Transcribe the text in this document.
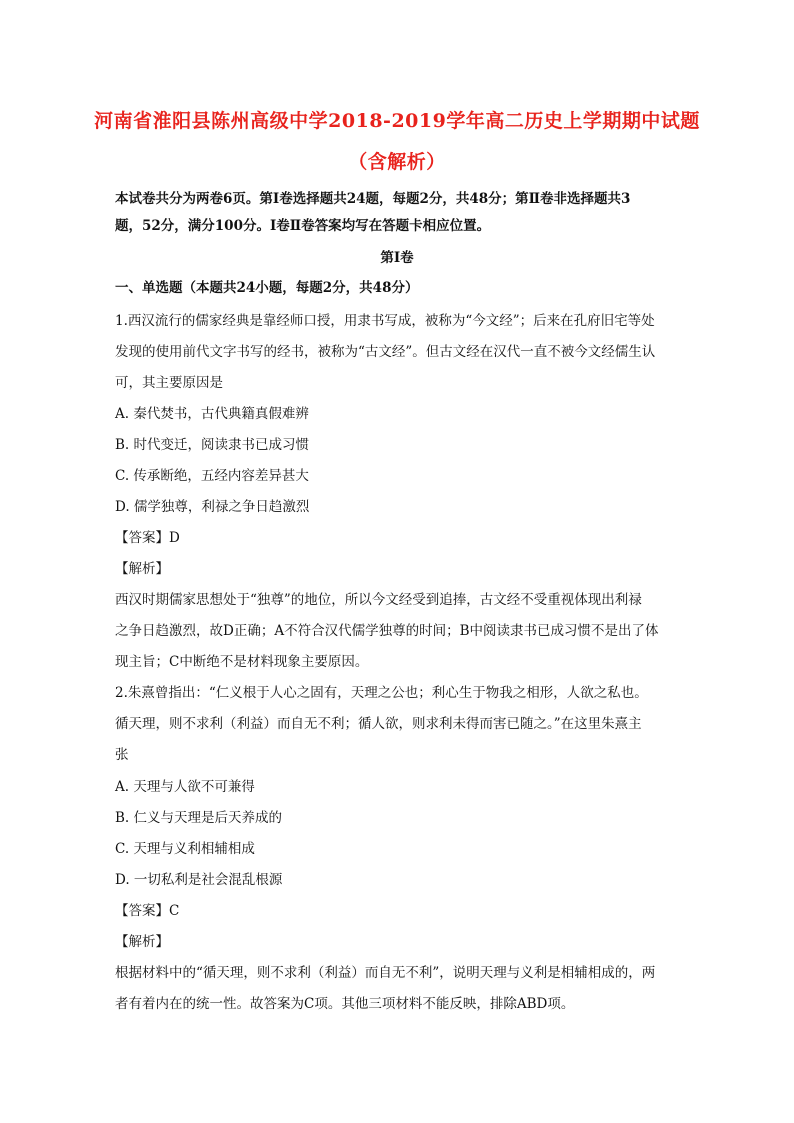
河南省淮阳县陈州高级中学2018-2019学年高二历史上学期期中试题
（含解析）
本试卷共分为两卷6页。第Ⅰ卷选择题共24题，每题2分，共48分；第Ⅱ卷非选择题共3
题，52分，满分100分。Ⅰ卷Ⅱ卷答案均写在答题卡相应位置。
第Ⅰ卷
一、单选题（本题共24小题，每题2分，共48分）
1.西汉流行的儒家经典是靠经师口授，用隶书写成，被称为“今文经”；后来在孔府旧宅等处
发现的使用前代文字书写的经书，被称为“古文经”。但古文经在汉代一直不被今文经儒生认
可，其主要原因是
A. 秦代焚书，古代典籍真假难辨
B. 时代变迁，阅读隶书已成习惯
C. 传承断绝，五经内容差异甚大
D. 儒学独尊，利禄之争日趋激烈
【答案】D
【解析】
西汉时期儒家思想处于“独尊”的地位，所以今文经受到追捧，古文经不受重视体现出利禄
之争日趋激烈，故D正确；A不符合汉代儒学独尊的时间；B中阅读隶书已成习惯不是出了体
现主旨；C中断绝不是材料现象主要原因。
2.朱熹曾指出：“仁义根于人心之固有，天理之公也；利心生于物我之相形，人欲之私也。
循天理，则不求利（利益）而自无不利；循人欲，则求利未得而害已随之。”在这里朱熹主
张
A. 天理与人欲不可兼得
B. 仁义与天理是后天养成的
C. 天理与义利相辅相成
D. 一切私利是社会混乱根源
【答案】C
【解析】
根据材料中的“循天理，则不求利（利益）而自无不利”，说明天理与义利是相辅相成的，两
者有着内在的统一性。故答案为C项。其他三项材料不能反映，排除ABD项。
